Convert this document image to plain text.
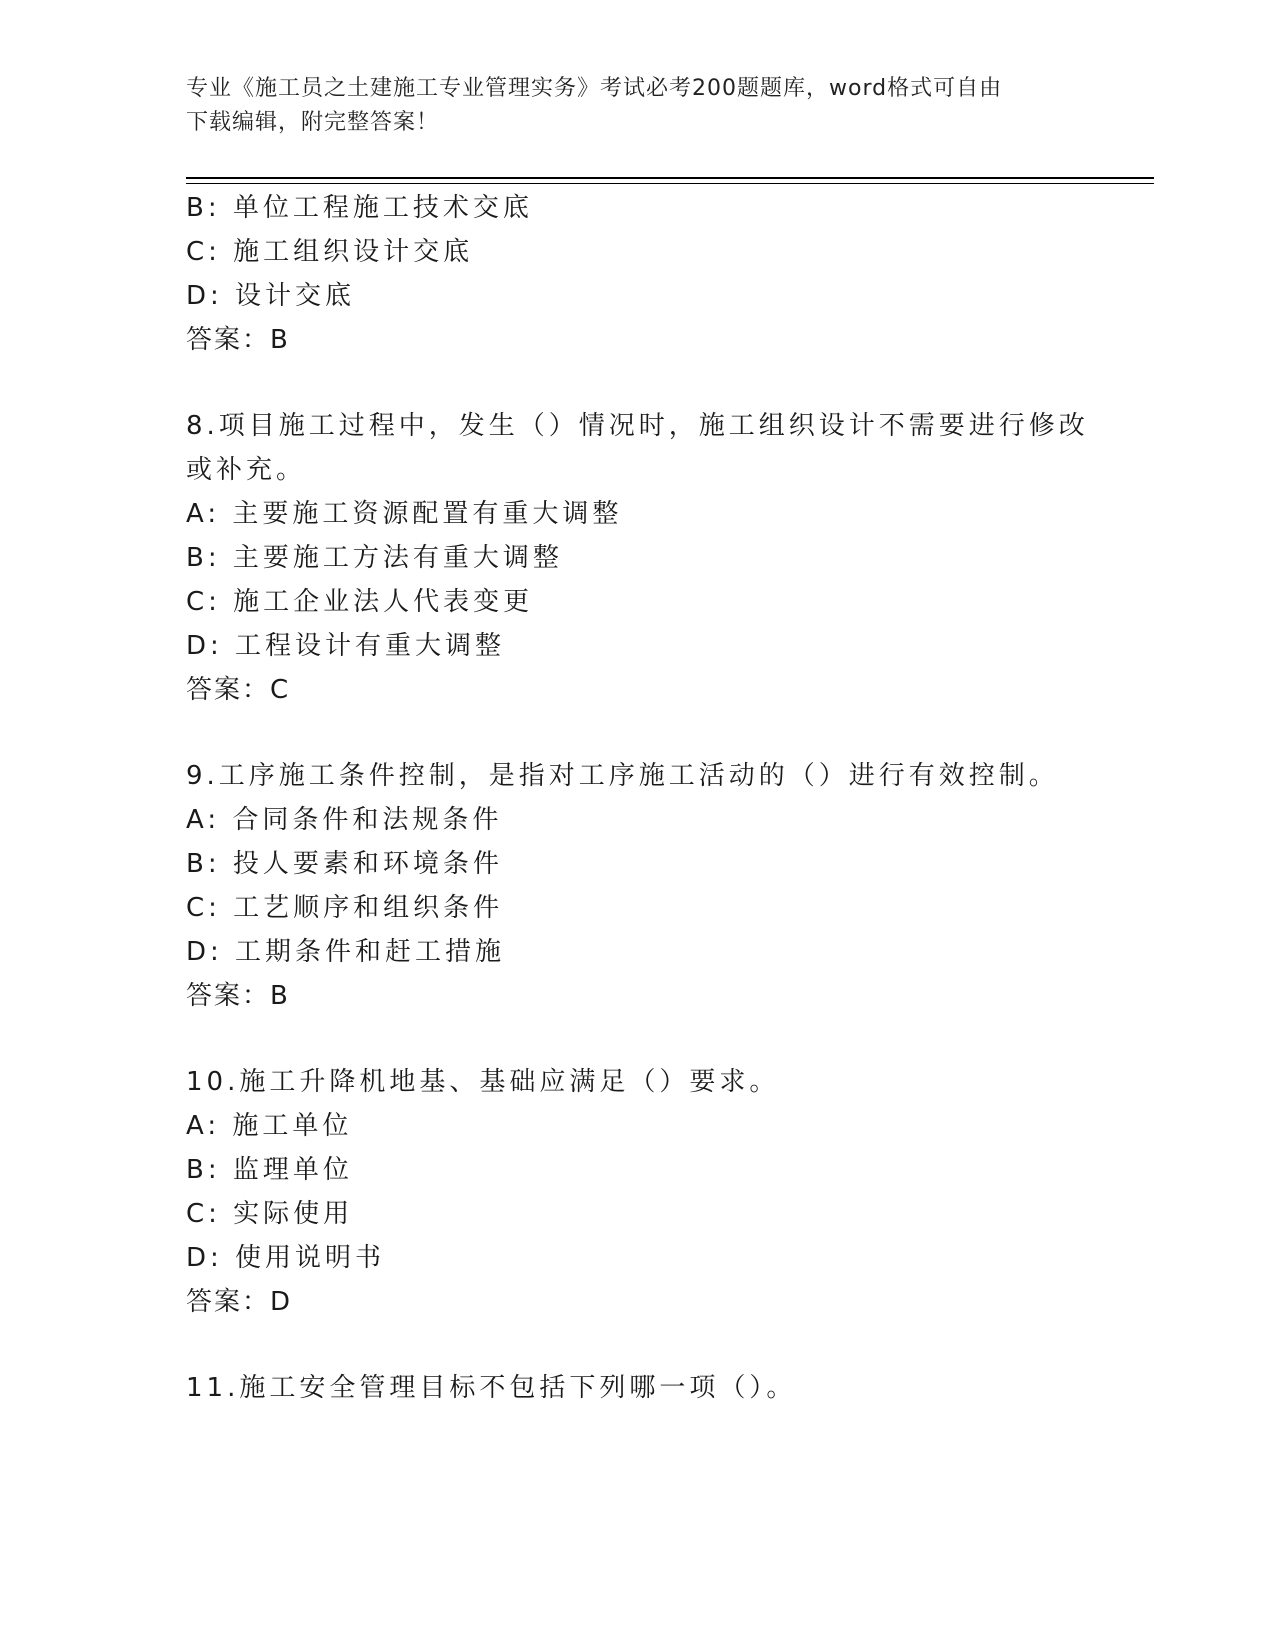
专业《施工员之土建施工专业管理实务》考试必考200题题库，word格式可自由
下载编辑，附完整答案！
B: 单位工程施工技术交底
C: 施工组织设计交底
D: 设计交底
答案：B
8.项目施工过程中，发生（）情况时，施工组织设计不需要进行修改
或补充。
A: 主要施工资源配置有重大调整
B: 主要施工方法有重大调整
C: 施工企业法人代表变更
D: 工程设计有重大调整
答案：C
9.工序施工条件控制，是指对工序施工活动的（）进行有效控制。
A: 合同条件和法规条件
B: 投人要素和环境条件
C: 工艺顺序和组织条件
D: 工期条件和赶工措施
答案：B
10.施工升降机地基、基础应满足（）要求。
A: 施工单位
B: 监理单位
C: 实际使用
D: 使用说明书
答案：D
11.施工安全管理目标不包括下列哪一项（）。
